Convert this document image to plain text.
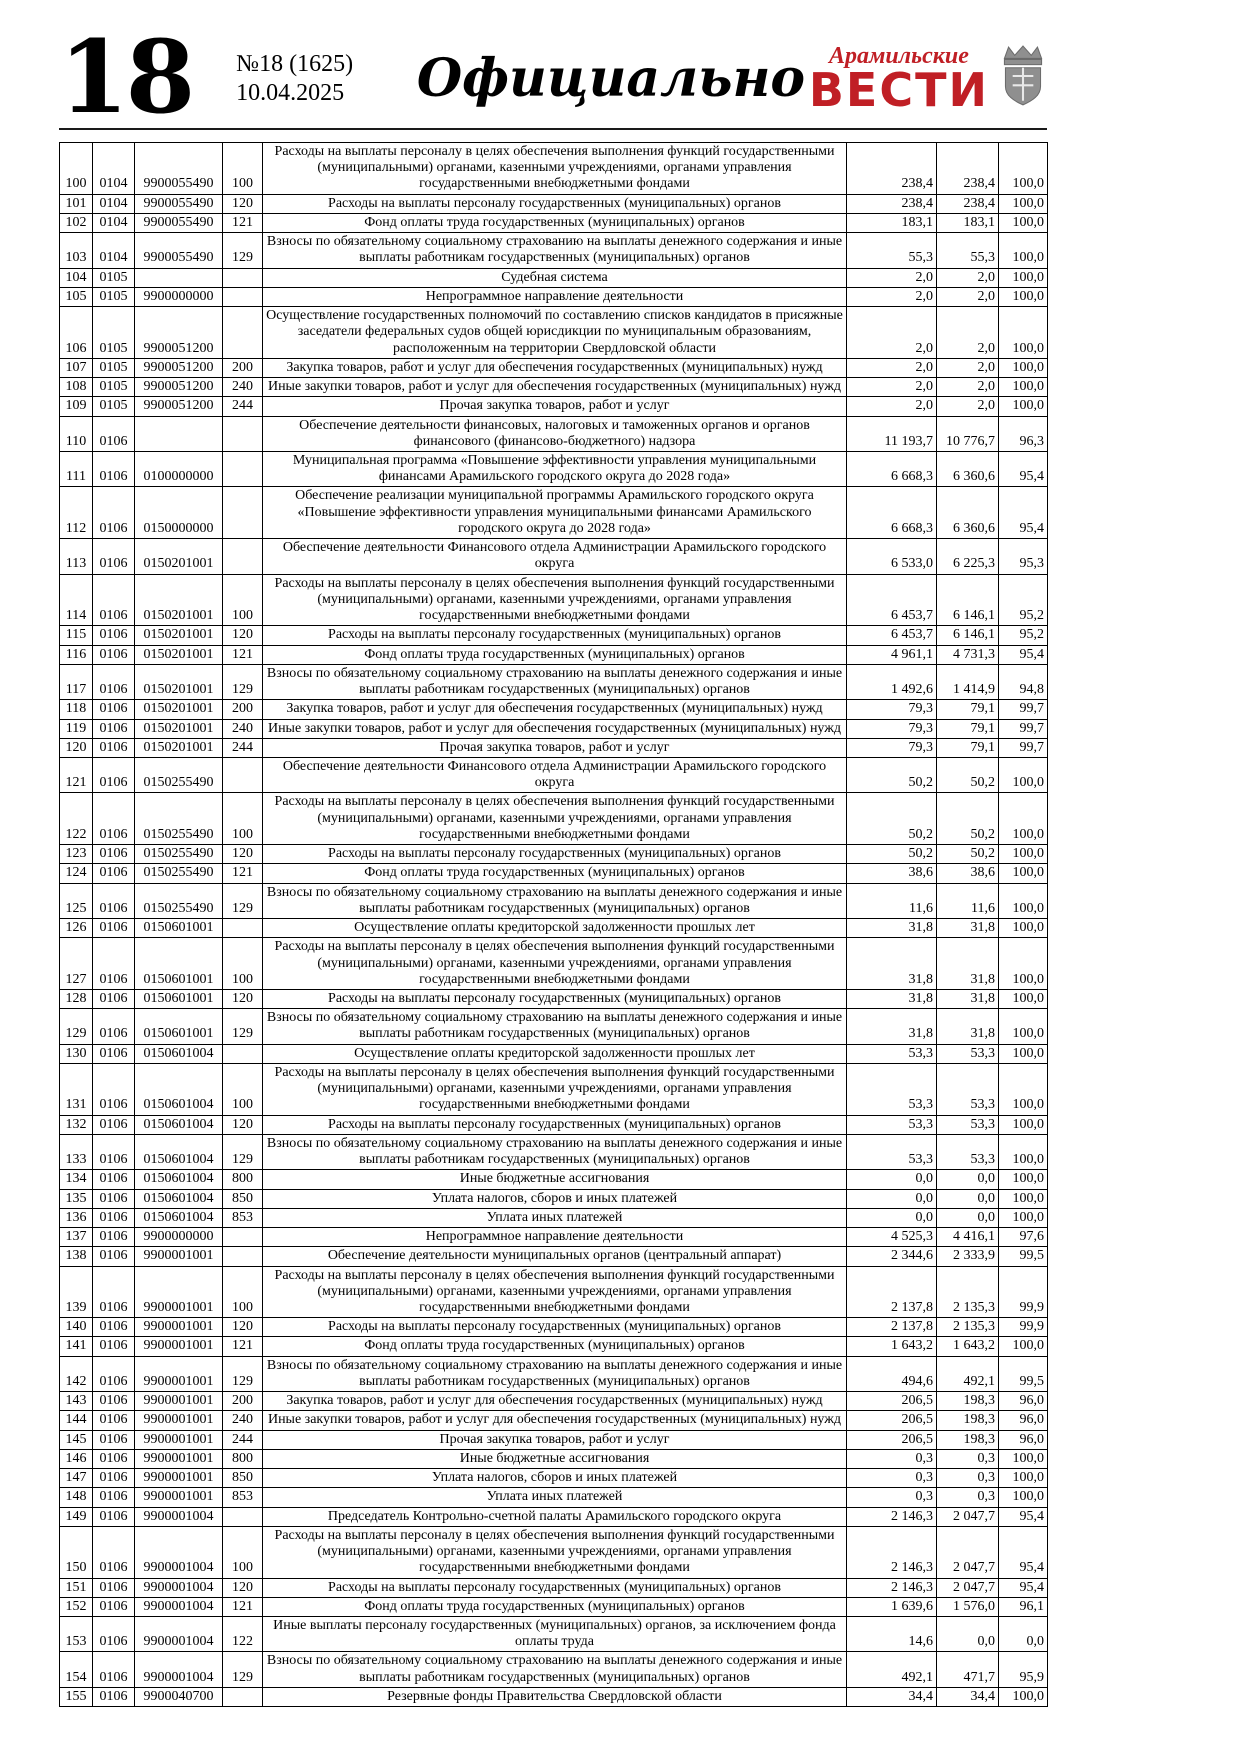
18 №18 (1625)
10.04.2025	Официально Арамильские
ВЕСТИ
100	0104	9900055490	100	Расходы на выплаты персоналу в целях обеспечения выполнения функций государственными (муниципальными) органами, казенными учреждениями, органами управления государственными внебюджетными фондами	238,4	238,4	100,0
101	0104	9900055490	120	Расходы на выплаты персоналу государственных (муниципальных) органов	238,4	238,4	100,0
102	0104	9900055490	121	Фонд оплаты труда государственных (муниципальных) органов	183,1	183,1	100,0
103	0104	9900055490	129	Взносы по обязательному социальному страхованию на выплаты денежного содержания и иные выплаты работникам государственных (муниципальных) органов	55,3	55,3	100,0
104	0105			Судебная система	2,0	2,0	100,0
105	0105	9900000000		Непрограммное направление деятельности	2,0	2,0	100,0
106	0105	9900051200		Осуществление государственных полномочий по составлению списков кандидатов в присяжные заседатели федеральных судов общей юрисдикции по муниципальным образованиям, расположенным на территории Свердловской области	2,0	2,0	100,0
107	0105	9900051200	200	Закупка товаров, работ и услуг для обеспечения государственных (муниципальных) нужд	2,0	2,0	100,0
108	0105	9900051200	240	Иные закупки товаров, работ и услуг для обеспечения государственных (муниципальных) нужд	2,0	2,0	100,0
109	0105	9900051200	244	Прочая закупка товаров, работ и услуг	2,0	2,0	100,0
110	0106			Обеспечение деятельности финансовых, налоговых и таможенных органов и органов финансового (финансово-бюджетного) надзора	11 193,7	10 776,7	96,3
111	0106	0100000000		Муниципальная программа «Повышение эффективности управления муниципальными финансами Арамильского городского округа до 2028 года»	6 668,3	6 360,6	95,4
112	0106	0150000000		Обеспечение реализации муниципальной программы Арамильского городского округа «Повышение эффективности управления муниципальными финансами Арамильского городского округа до 2028 года»	6 668,3	6 360,6	95,4
113	0106	0150201001		Обеспечение деятельности Финансового отдела Администрации Арамильского городского округа	6 533,0	6 225,3	95,3
114	0106	0150201001	100	Расходы на выплаты персоналу в целях обеспечения выполнения функций государственными (муниципальными) органами, казенными учреждениями, органами управления государственными внебюджетными фондами	6 453,7	6 146,1	95,2
115	0106	0150201001	120	Расходы на выплаты персоналу государственных (муниципальных) органов	6 453,7	6 146,1	95,2
116	0106	0150201001	121	Фонд оплаты труда государственных (муниципальных) органов	4 961,1	4 731,3	95,4
117	0106	0150201001	129	Взносы по обязательному социальному страхованию на выплаты денежного содержания и иные выплаты работникам государственных (муниципальных) органов	1 492,6	1 414,9	94,8
118	0106	0150201001	200	Закупка товаров, работ и услуг для обеспечения государственных (муниципальных) нужд	79,3	79,1	99,7
119	0106	0150201001	240	Иные закупки товаров, работ и услуг для обеспечения государственных (муниципальных) нужд	79,3	79,1	99,7
120	0106	0150201001	244	Прочая закупка товаров, работ и услуг	79,3	79,1	99,7
121	0106	0150255490		Обеспечение деятельности Финансового отдела Администрации Арамильского городского округа	50,2	50,2	100,0
122	0106	0150255490	100	Расходы на выплаты персоналу в целях обеспечения выполнения функций государственными (муниципальными) органами, казенными учреждениями, органами управления государственными внебюджетными фондами	50,2	50,2	100,0
123	0106	0150255490	120	Расходы на выплаты персоналу государственных (муниципальных) органов	50,2	50,2	100,0
124	0106	0150255490	121	Фонд оплаты труда государственных (муниципальных) органов	38,6	38,6	100,0
125	0106	0150255490	129	Взносы по обязательному социальному страхованию на выплаты денежного содержания и иные выплаты работникам государственных (муниципальных) органов	11,6	11,6	100,0
126	0106	0150601001		Осуществление оплаты кредиторской задолженности прошлых лет	31,8	31,8	100,0
127	0106	0150601001	100	Расходы на выплаты персоналу в целях обеспечения выполнения функций государственными (муниципальными) органами, казенными учреждениями, органами управления государственными внебюджетными фондами	31,8	31,8	100,0
128	0106	0150601001	120	Расходы на выплаты персоналу государственных (муниципальных) органов	31,8	31,8	100,0
129	0106	0150601001	129	Взносы по обязательному социальному страхованию на выплаты денежного содержания и иные выплаты работникам государственных (муниципальных) органов	31,8	31,8	100,0
130	0106	0150601004		Осуществление оплаты кредиторской задолженности прошлых лет	53,3	53,3	100,0
131	0106	0150601004	100	Расходы на выплаты персоналу в целях обеспечения выполнения функций государственными (муниципальными) органами, казенными учреждениями, органами управления государственными внебюджетными фондами	53,3	53,3	100,0
132	0106	0150601004	120	Расходы на выплаты персоналу государственных (муниципальных) органов	53,3	53,3	100,0
133	0106	0150601004	129	Взносы по обязательному социальному страхованию на выплаты денежного содержания и иные выплаты работникам государственных (муниципальных) органов	53,3	53,3	100,0
134	0106	0150601004	800	Иные бюджетные ассигнования	0,0	0,0	100,0
135	0106	0150601004	850	Уплата налогов, сборов и иных платежей	0,0	0,0	100,0
136	0106	0150601004	853	Уплата иных платежей	0,0	0,0	100,0
137	0106	9900000000		Непрограммное направление деятельности	4 525,3	4 416,1	97,6
138	0106	9900001001		Обеспечение деятельности муниципальных органов (центральный аппарат)	2 344,6	2 333,9	99,5
139	0106	9900001001	100	Расходы на выплаты персоналу в целях обеспечения выполнения функций государственными (муниципальными) органами, казенными учреждениями, органами управления государственными внебюджетными фондами	2 137,8	2 135,3	99,9
140	0106	9900001001	120	Расходы на выплаты персоналу государственных (муниципальных) органов	2 137,8	2 135,3	99,9
141	0106	9900001001	121	Фонд оплаты труда государственных (муниципальных) органов	1 643,2	1 643,2	100,0
142	0106	9900001001	129	Взносы по обязательному социальному страхованию на выплаты денежного содержания и иные выплаты работникам государственных (муниципальных) органов	494,6	492,1	99,5
143	0106	9900001001	200	Закупка товаров, работ и услуг для обеспечения государственных (муниципальных) нужд	206,5	198,3	96,0
144	0106	9900001001	240	Иные закупки товаров, работ и услуг для обеспечения государственных (муниципальных) нужд	206,5	198,3	96,0
145	0106	9900001001	244	Прочая закупка товаров, работ и услуг	206,5	198,3	96,0
146	0106	9900001001	800	Иные бюджетные ассигнования	0,3	0,3	100,0
147	0106	9900001001	850	Уплата налогов, сборов и иных платежей	0,3	0,3	100,0
148	0106	9900001001	853	Уплата иных платежей	0,3	0,3	100,0
149	0106	9900001004		Председатель Контрольно-счетной палаты Арамильского городского округа	2 146,3	2 047,7	95,4
150	0106	9900001004	100	Расходы на выплаты персоналу в целях обеспечения выполнения функций государственными (муниципальными) органами, казенными учреждениями, органами управления государственными внебюджетными фондами	2 146,3	2 047,7	95,4
151	0106	9900001004	120	Расходы на выплаты персоналу государственных (муниципальных) органов	2 146,3	2 047,7	95,4
152	0106	9900001004	121	Фонд оплаты труда государственных (муниципальных) органов	1 639,6	1 576,0	96,1
153	0106	9900001004	122	Иные выплаты персоналу государственных (муниципальных) органов, за исключением фонда оплаты труда	14,6	0,0	0,0
154	0106	9900001004	129	Взносы по обязательному социальному страхованию на выплаты денежного содержания и иные выплаты работникам государственных (муниципальных) органов	492,1	471,7	95,9
155	0106	9900040700		Резервные фонды Правительства Свердловской области	34,4	34,4	100,0
